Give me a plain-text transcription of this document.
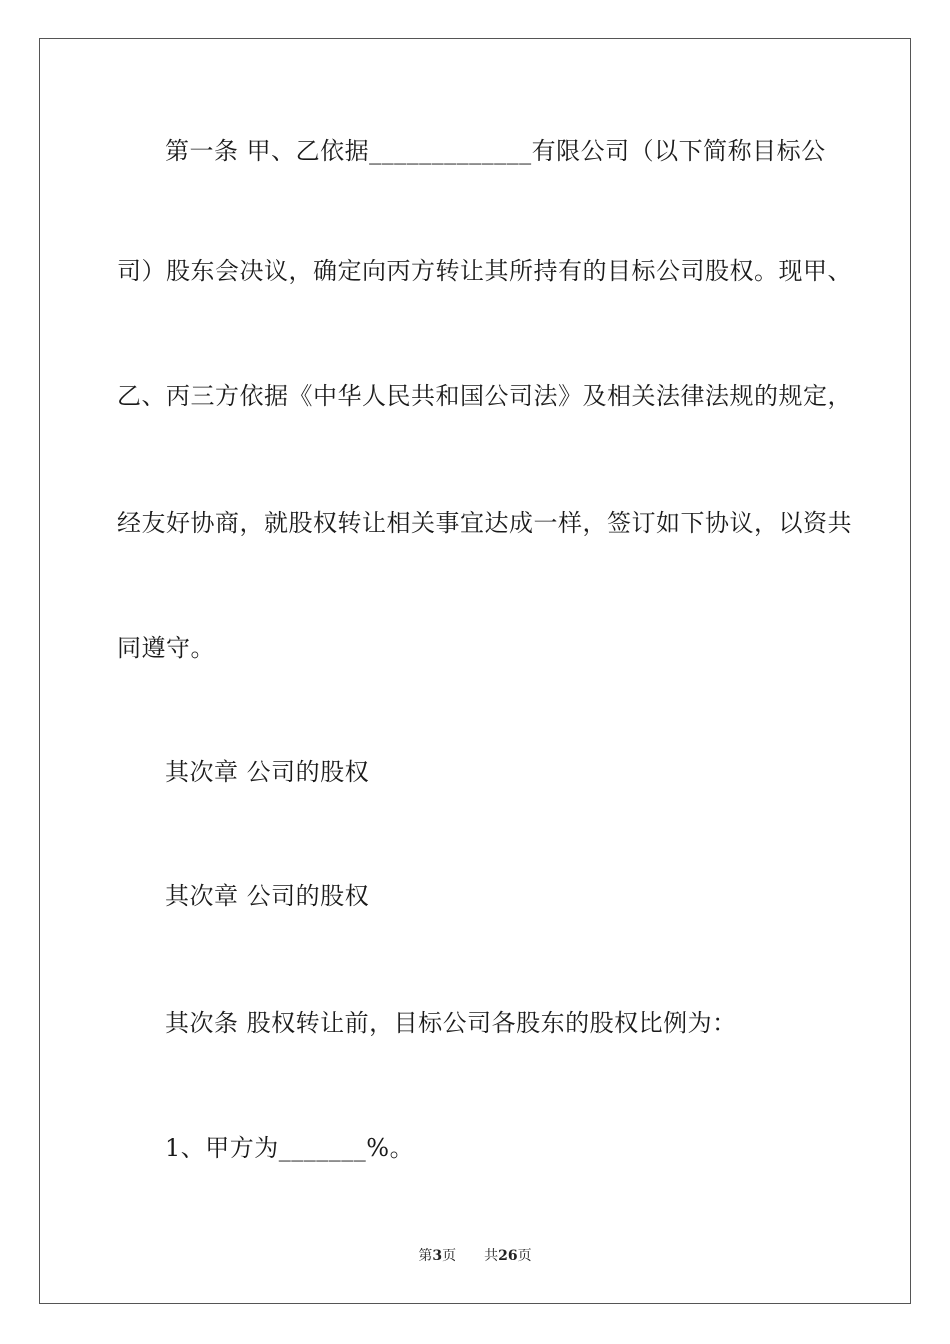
第一条 甲、乙依据_____________有限公司（以下简称目标公
司）股东会决议，确定向丙方转让其所持有的目标公司股权。现甲、
乙、丙三方依据《中华人民共和国公司法》及相关法律法规的规定，
经友好协商，就股权转让相关事宜达成一样，签订如下协议，以资共
同遵守。
其次章 公司的股权
其次章 公司的股权
其次条 股权转让前，目标公司各股东的股权比例为：
1、甲方为_______%。
第3页 共26页
